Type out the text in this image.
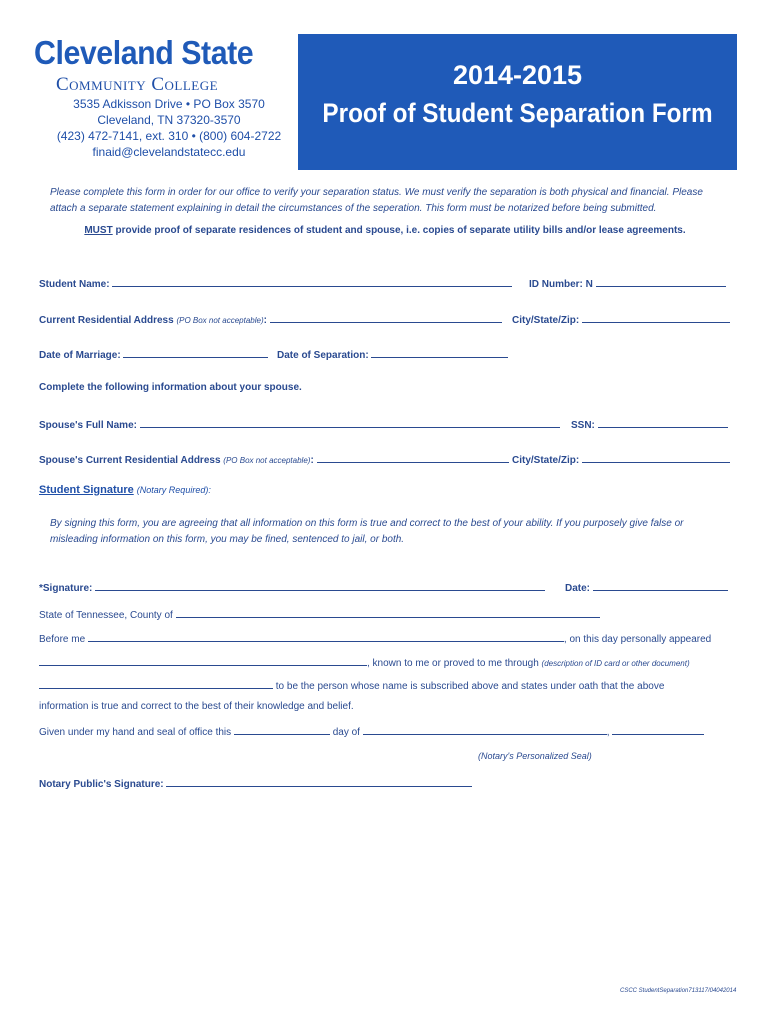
Cleveland State
Community College
3535 Adkisson Drive • PO Box 3570
Cleveland, TN 37320-3570
(423) 472-7141, ext. 310 • (800) 604-2722
finaid@clevelandstatecc.edu
2014-2015
Proof of Student Separation Form
Please complete this form in order for our office to verify your separation status. We must verify the separation is both physical and financial. Please attach a separate statement explaining in detail the circumstances of the seperation. This form must be notarized before being submitted.
MUST provide proof of separate residences of student and spouse, i.e. copies of separate utility bills and/or lease agreements.
Student Name:	ID Number: N
Current Residential Address (PO Box not acceptable):	City/State/Zip:
Date of Marriage:	Date of Separation:
Complete the following information about your spouse.
Spouse's Full Name:	SSN:
Spouse's Current Residential Address (PO Box not acceptable):	City/State/Zip:
Student Signature (Notary Required):
By signing this form, you are agreeing that all information on this form is true and correct to the best of your ability. If you purposely give false or misleading information on this form, you may be fined, sentenced to jail, or both.
*Signature:	Date:
State of Tennessee, County of
Before me	, on this day personally appeared
, known to me or proved to me through (description of ID card or other document)
to be the person whose name is subscribed above and states under oath that the above
information is true and correct to the best of their knowledge and belief.
Given under my hand and seal of office this	day of	,
(Notary's Personalized Seal)
Notary Public's Signature:
CSCC StudentSeparation713117/04042014
